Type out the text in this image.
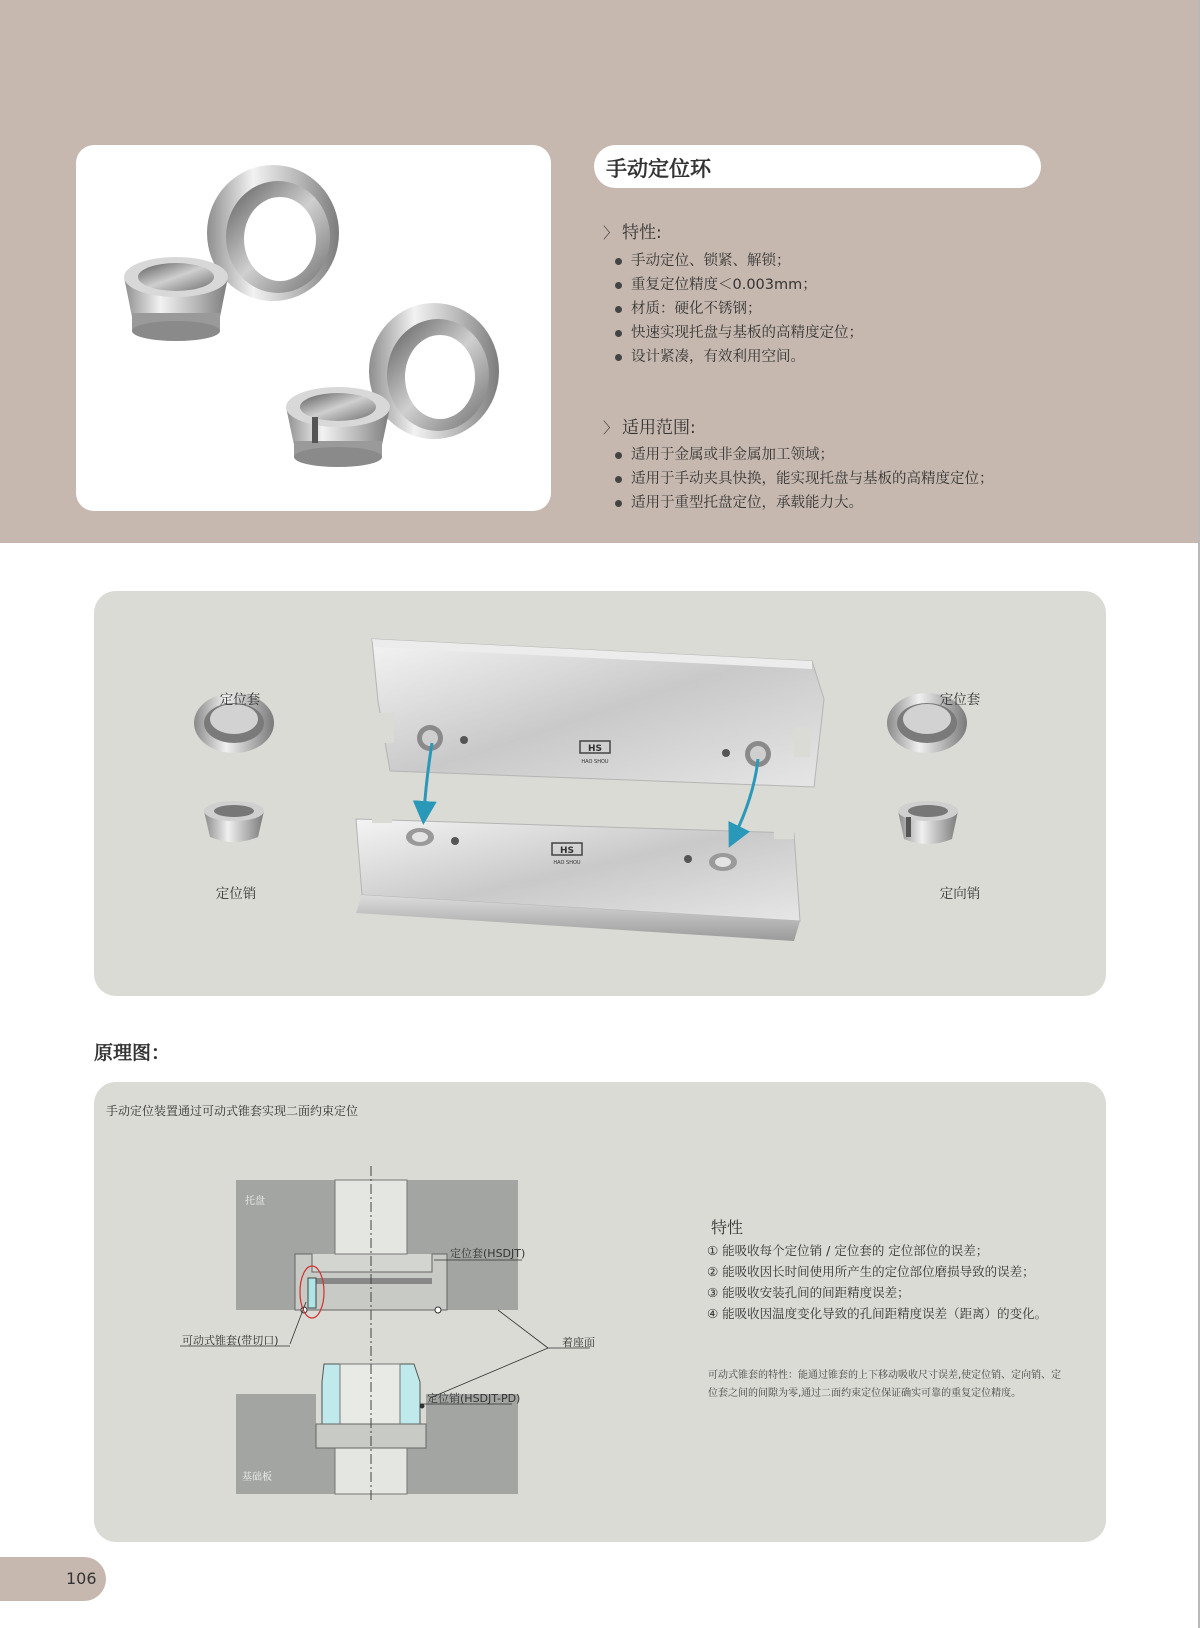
手动定位环
〉 特性:
手动定位、锁紧、解锁；
重复定位精度＜0.003mm；
材质：硬化不锈钢；
快速实现托盘与基板的高精度定位；
设计紧凑，有效利用空间。
〉 适用范围:
适用于金属或非金属加工领域；
适用于手动夹具快换，能实现托盘与基板的高精度定位；
适用于重型托盘定位，承载能力大。
HS
HAO SHOU
HS
HAO SHOU
定位套
定位销
定位套
定向销
原理图：
手动定位装置通过可动式锥套实现二面约束定位
托盘
定位套(HSDJT)
可动式锥套(带切口)	着座面
定位销(HSDJT-PD)
基础板
特性
① 能吸收每个定位销 / 定位套的 定位部位的误差；
② 能吸收因长时间使用所产生的定位部位磨损导致的误差；
③ 能吸收安装孔间的间距精度误差；
④ 能吸收因温度变化导致的孔间距精度误差（距离）的变化。
可动式锥套的特性：能通过锥套的上下移动吸收尺寸误差,使定位销、定向销、定位套之间的间隙为零,通过二面约束定位保证确实可靠的重复定位精度。
106
